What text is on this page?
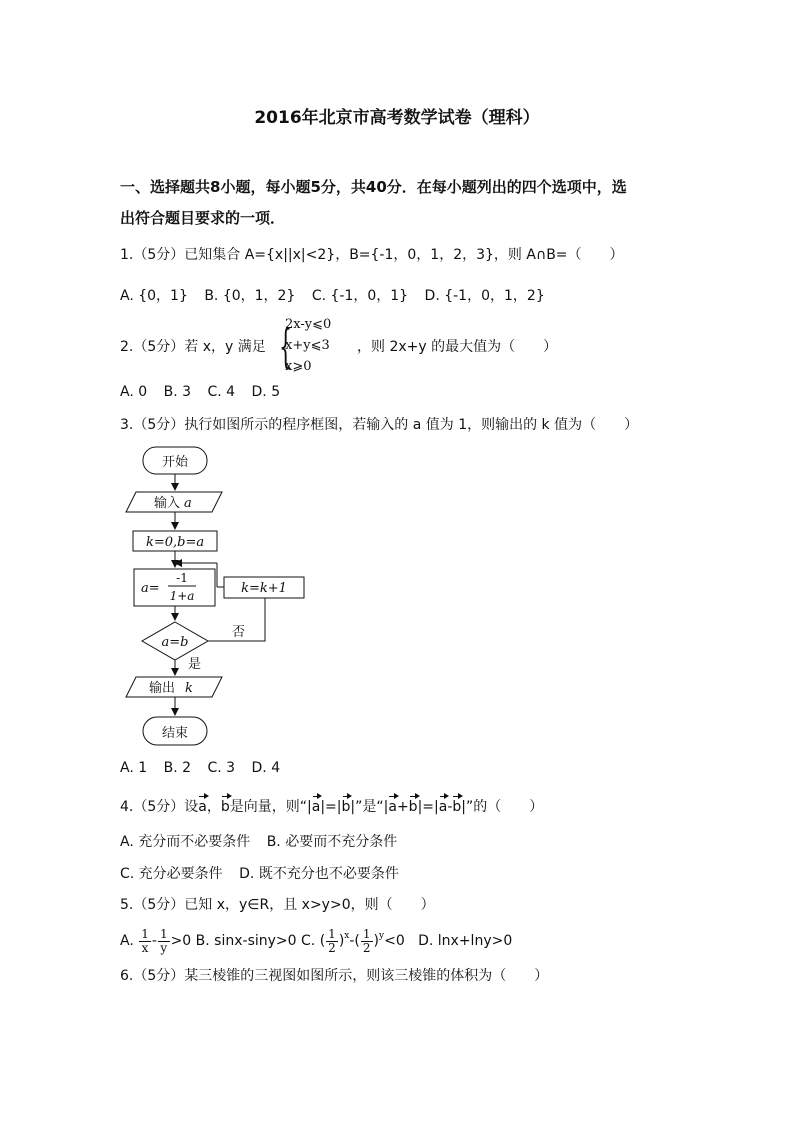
2016年北京市高考数学试卷（理科）
一、选择题共8小题，每小题5分，共40分．在每小题列出的四个选项中，选
出符合题目要求的一项．
1.（5分）已知集合 A={x||x|<2}，B={-1，0，1，2，3}，则 A∩B=（　　）
A. {0，1} B. {0，1，2} C. {-1，0，1} D. {-1，0，1，2}
2.（5分）若 x，y 满足 {
2x-y⩽0
x+y⩽3
x⩾0
，则 2x+y 的最大值为（　　）
A. 0 B. 3 C. 4 D. 5
3.（5分）执行如图所示的程序框图，若输入的 a 值为 1，则输出的 k 值为（　　）
开始
输入 a
k=0,b=a
a=
-1
1+a	k=k+1
a=b
否
是
输出 k
结束
A. 1 B. 2 C. 3 D. 4
4.（5分）设a，b是向量，则“|a|=|b|”是“|a+b|=|a-b|”的（　　）
A. 充分而不必要条件 B. 必要而不充分条件
C. 充分必要条件 D. 既不充分也不必要条件
5.（5分）已知 x，y∈R，且 x>y>0，则（　　）
A. $\frac{1}{x} - \frac{1}{y} >0$ B. sinx-siny>0 C. ( $\frac{1}{2} )^x-( \frac{1}{2} )^y<0$ D. lnx+lny>0
6.（5分）某三棱锥的三视图如图所示，则该三棱锥的体积为（　　）
